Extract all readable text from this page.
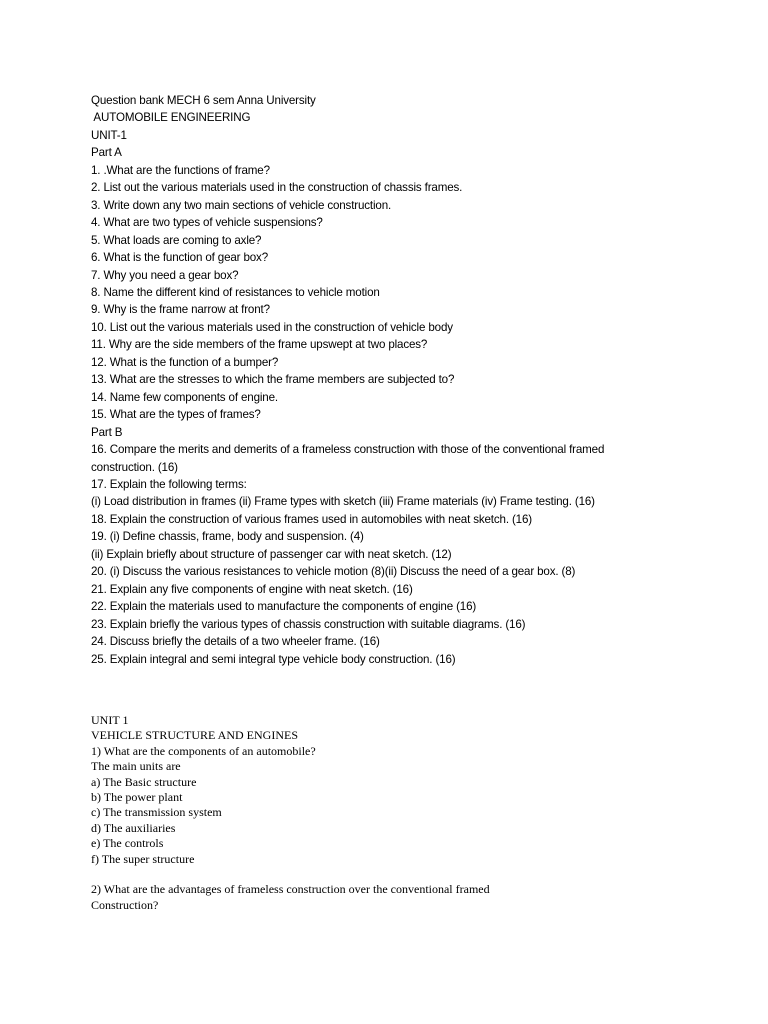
Question bank MECH 6 sem Anna University
AUTOMOBILE ENGINEERING
UNIT-1
Part A
1. .What are the functions of frame?
2. List out the various materials used in the construction of chassis frames.
3. Write down any two main sections of vehicle construction.
4. What are two types of vehicle suspensions?
5. What loads are coming to axle?
6. What is the function of gear box?
7. Why you need a gear box?
8. Name the different kind of resistances to vehicle motion
9. Why is the frame narrow at front?
10. List out the various materials used in the construction of vehicle body
11. Why are the side members of the frame upswept at two places?
12. What is the function of a bumper?
13. What are the stresses to which the frame members are subjected to?
14. Name few components of engine.
15. What are the types of frames?
Part B
16. Compare the merits and demerits of a frameless construction with those of the conventional framed
construction. (16)
17. Explain the following terms:
(i) Load distribution in frames (ii) Frame types with sketch (iii) Frame materials (iv) Frame testing. (16)
18. Explain the construction of various frames used in automobiles with neat sketch. (16)
19. (i) Define chassis, frame, body and suspension. (4)
(ii) Explain briefly about structure of passenger car with neat sketch. (12)
20. (i) Discuss the various resistances to vehicle motion (8)(ii) Discuss the need of a gear box. (8)
21. Explain any five components of engine with neat sketch. (16)
22. Explain the materials used to manufacture the components of engine (16)
23. Explain briefly the various types of chassis construction with suitable diagrams. (16)
24. Discuss briefly the details of a two wheeler frame. (16)
25. Explain integral and semi integral type vehicle body construction. (16)
UNIT 1
VEHICLE STRUCTURE AND ENGINES
1) What are the components of an automobile?
The main units are
a) The Basic structure
b) The power plant
c) The transmission system
d) The auxiliaries
e) The controls
f) The super structure
2) What are the advantages of frameless construction over the conventional framed
Construction?
